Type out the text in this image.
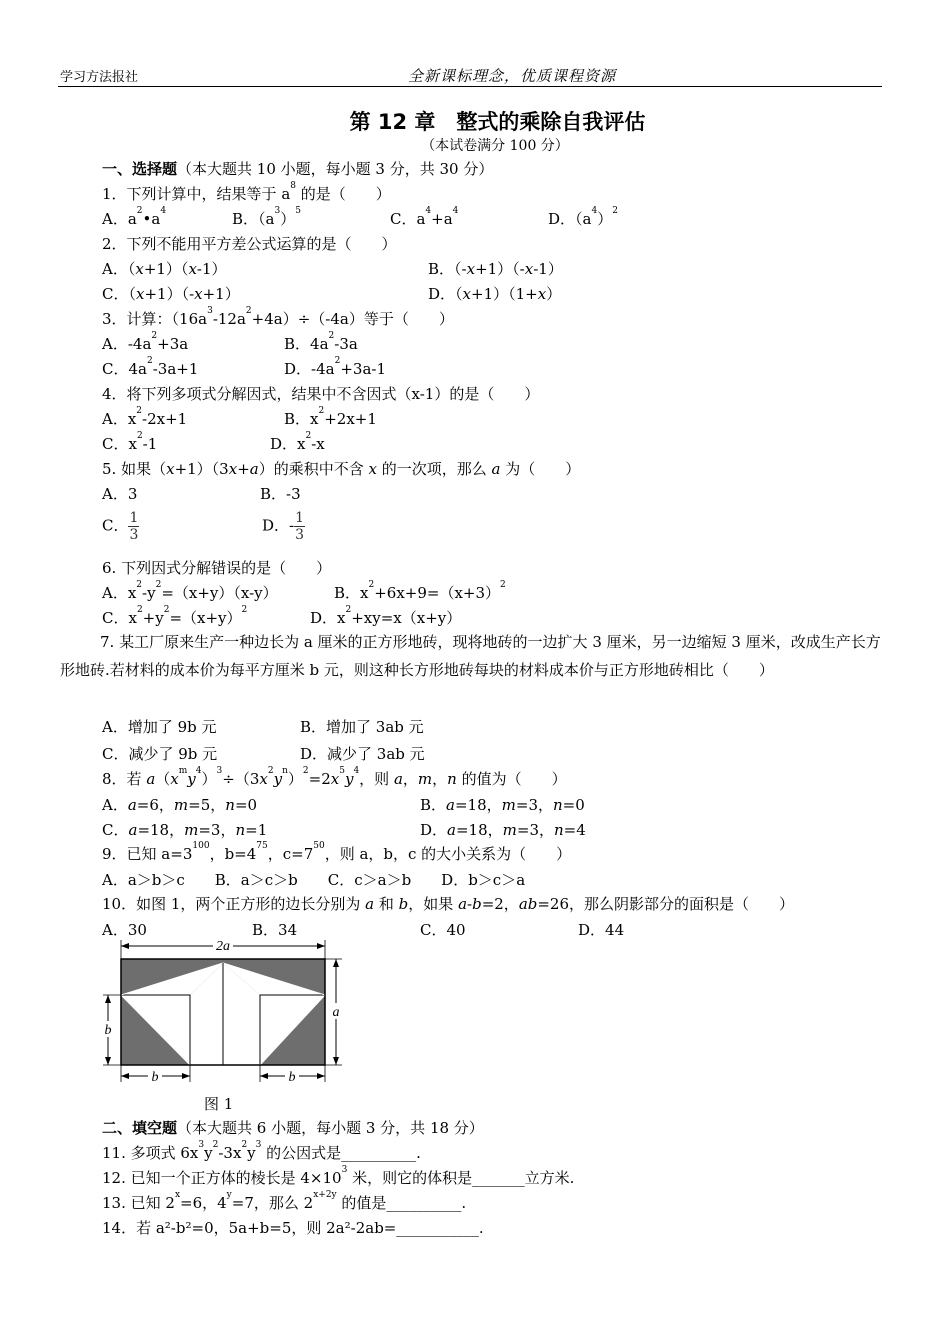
学习方法报社	全新课标理念，优质课程资源
第 12 章　整式的乘除自我评估
（本试卷满分 100 分）
一、选择题（本大题共 10 小题，每小题 3 分，共 30 分）
1．下列计算中，结果等于 $a^8$ 的是（　　）
A．$a^2•a^4$	B．$(a^3)^5$	C．$a^4+a^4$	D．$(a^4)^2$
2．下列不能用平方差公式运算的是（　　）
A．（x+1）（x-1）	B．（-x+1）（-x-1）
C．（x+1）（-x+1）	D．（x+1）（1+x）
3．计算：$(16a^3-12a^2+4a)\div(-4a)$等于（　　）
A．$-4a^2+3a$	B．$4a^2-3a$
C．$4a^2-3a+1$	D．$-4a^2+3a-1$
4．将下列多项式分解因式，结果中不含因式（x-1）的是（　　）
A．$x^2-2x+1$	B．$x^2+2x+1$
C．$x^2-1$	D．$x^2-x$
5. 如果（x+1）（3x+a）的乘积中不含 x 的一次项，那么 a 为（　　）
A．3	B．-3
C． $\frac{1}{3}$	D．- $\frac{1}{3}$
6. 下列因式分解错误的是（　　）
A．$x^2-y^2=(x+y)(x-y)$	B．$x^2+6x+9=(x+3)^2$
C．$x^2+y^2=(x+y)^2$	D．$x^2+xy=x(x+y)$
7. 某工厂原来生产一种边长为 a 厘米的正方形地砖，现将地砖的一边扩大 3 厘米，另一边缩短 3 厘米，改成生产长方形地砖.若材料的成本价为每平方厘米 b 元，则这种长方形地砖每块的材料成本价与正方形地砖相比（　　）
A．增加了 9b 元	B．增加了 3ab 元
C．减少了 9b 元	D．减少了 3ab 元
8．若 $a(x^my^4)^3\div(3x^2y^n)^2=2x^5y^4$，则 a，m，n 的值为（　　）
A．a=6，m=5，n=0	B．a=18，m=3，n=0
C．a=18，m=3，n=1	D．a=18，m=3，n=4
9．已知 $a=3^{100}$，$b=4^{75}$，$c=7^{50}$，则 a，b，c 的大小关系为（　　）
A．a＞b＞c　　B．a＞c＞b　　C．c＞a＞b　　D．b＞c＞a
10．如图 1，两个正方形的边长分别为 a 和 b，如果 a-b=2，ab=26，那么阴影部分的面积是（　　）
A．30	B．34	C．40	D．44
2a
a
b
b	b
图 1
二、填空题（本大题共 6 小题，每小题 3 分，共 18 分）
11. 多项式 $6x^3y^2-3x^2y^3$ 的公因式是__________.
12. 已知一个正方体的棱长是 $4\times 10^3$ 米，则它的体积是_______立方米.
13. 已知 $2^x=6$，$4^y=7$，那么 $2^{x+2y}$ 的值是__________.
14．若 a²-b²=0，5a+b=5，则 2a²-2ab=___________.
